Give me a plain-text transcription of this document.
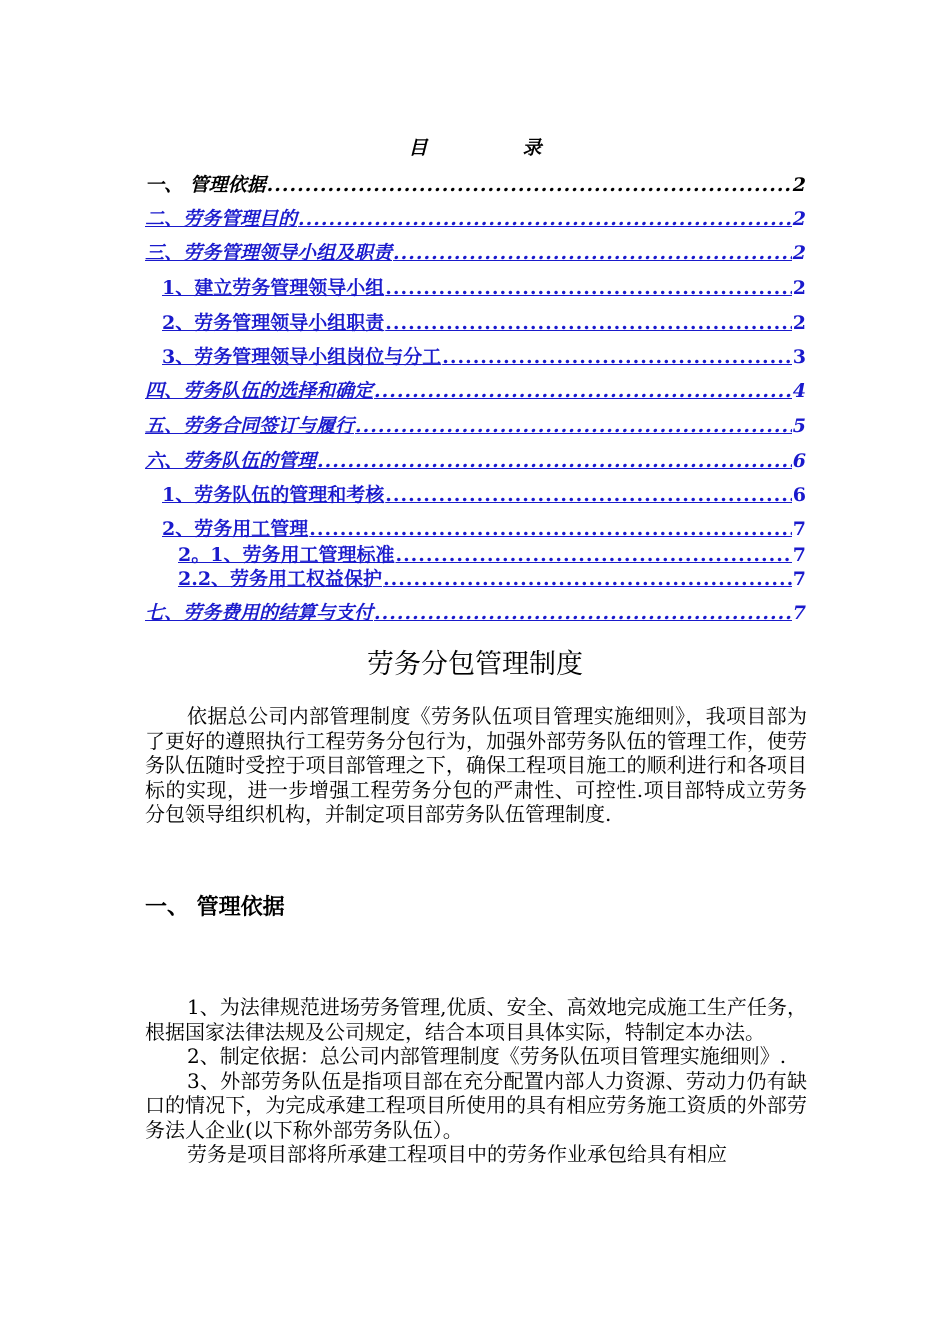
目	录
一、 管理依据 .....	2
二、劳务管理目的 .....	2
三、劳务管理领导小组及职责 .....	2
1、建立劳务管理领导小组 .....	2
2、劳务管理领导小组职责 .....	2
3、劳务管理领导小组岗位与分工 .....	3
四、劳务队伍的选择和确定 .....	4
五、劳务合同签订与履行 .....	5
六、劳务队伍的管理 .....	6
1、劳务队伍的管理和考核 .....	6
2、劳务用工管理 .....	7
2。1、劳务用工管理标准 .....	7
2.2、劳务用工权益保护 .....	7
七、劳务费用的结算与支付 .....	7
劳务分包管理制度

依据总公司内部管理制度《劳务队伍项目管理实施细则》，我项目部为了更好的遵照执行工程劳务分包行为，加强外部劳务队伍的管理工作，使劳务队伍随时受控于项目部管理之下，确保工程项目施工的顺利进行和各项目标的实现，进一步增强工程劳务分包的严肃性、可控性.项目部特成立劳务分包领导组织机构，并制定项目部劳务队伍管理制度.

一、 管理依据

1、为法律规范进场劳务管理,优质、安全、高效地完成施工生产任务，根据国家法律法规及公司规定，结合本项目具体实际，特制定本办法。

2、制定依据：总公司内部管理制度《劳务队伍项目管理实施细则》.

3、外部劳务队伍是指项目部在充分配置内部人力资源、劳动力仍有缺口的情况下，为完成承建工程项目所使用的具有相应劳务施工资质的外部劳务法人企业(以下称外部劳务队伍）。

劳务是项目部将所承建工程项目中的劳务作业承包给具有相应
